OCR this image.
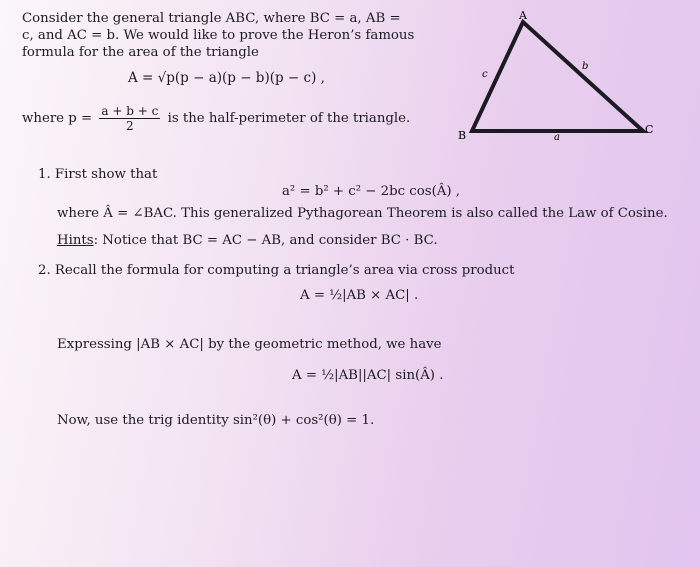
Consider the general triangle ABC, where BC = a, AB =
c, and AC = b. We would like to prove the Heron’s famous
formula for the area of the triangle
A = √p(p − a)(p − b)(p − c) ,
where $p = \frac{a + b + c}{2}$ is the half-perimeter of the triangle.
A
B	C
a
b
c
1. First show that
a² = b² + c² − 2bc cos(Â) ,
where Â = ∠BAC. This generalized Pythagorean Theorem is also called the Law of Cosine.
Hints: Notice that BC = AC − AB, and consider BC · BC.
2. Recall the formula for computing a triangle’s area via cross product
A = ½|AB × AC| .
Expressing |AB × AC| by the geometric method, we have
A = ½|AB||AC| sin(Â) .
Now, use the trig identity sin²(θ) + cos²(θ) = 1.
